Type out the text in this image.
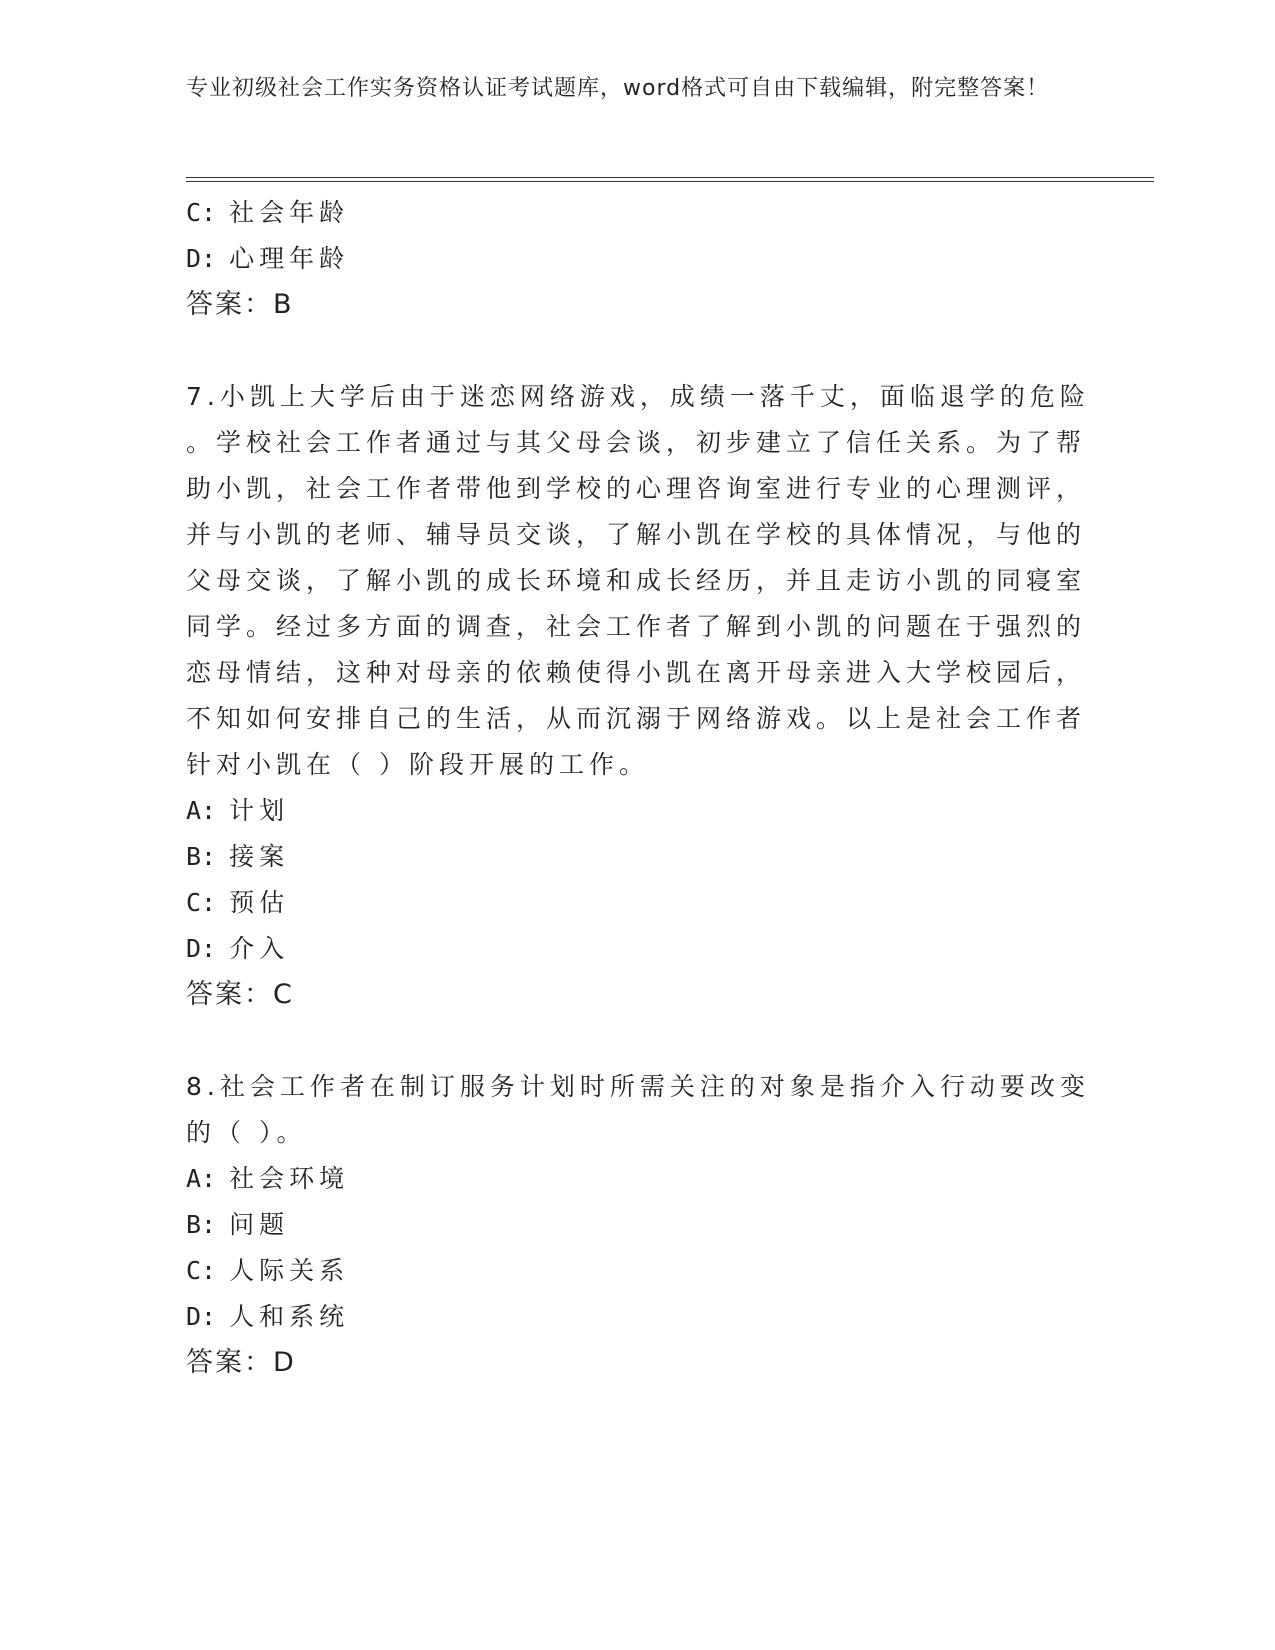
专业初级社会工作实务资格认证考试题库，word格式可自由下载编辑，附完整答案！
C: 社会年龄
D: 心理年龄
答案：B
7.小凯上大学后由于迷恋网络游戏，成绩一落千丈，面临退学的危险
。学校社会工作者通过与其父母会谈，初步建立了信任关系。为了帮
助小凯，社会工作者带他到学校的心理咨询室进行专业的心理测评，
并与小凯的老师、辅导员交谈，了解小凯在学校的具体情况，与他的
父母交谈，了解小凯的成长环境和成长经历，并且走访小凯的同寝室
同学。经过多方面的调查，社会工作者了解到小凯的问题在于强烈的
恋母情结，这种对母亲的依赖使得小凯在离开母亲进入大学校园后，
不知如何安排自己的生活，从而沉溺于网络游戏。以上是社会工作者
针对小凯在（ ）阶段开展的工作。
A: 计划
B: 接案
C: 预估
D: 介入
答案：C
8.社会工作者在制订服务计划时所需关注的对象是指介入行动要改变
的（ ）。
A: 社会环境
B: 问题
C: 人际关系
D: 人和系统
答案：D
